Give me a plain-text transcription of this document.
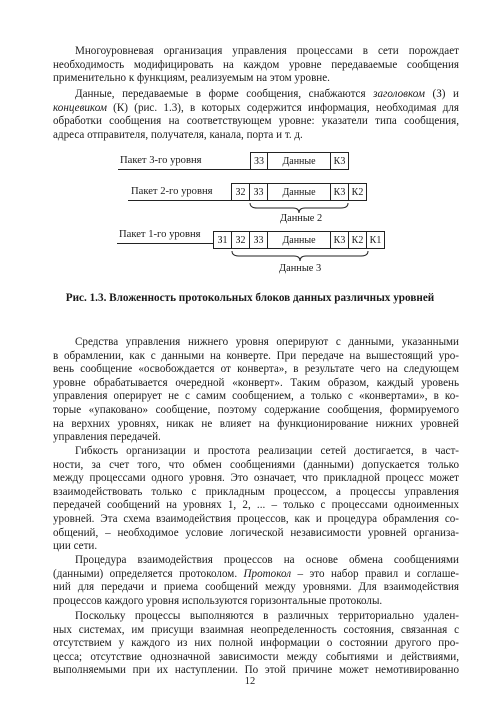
Многоуровневая организация управления процессами в сети порождает
необходимость модифицировать на каждом уровне передаваемые сообщения
применительно к функциям, реализуемым на этом уровне.
Данные, передаваемые в форме сообщения, снабжаются заголовком (З) и
концевиком (К) (рис. 1.3), в которых содержится информация, необходимая для
обработки сообщения на соответствующем уровне: указатели типа сообщения,
адреса отправителя, получателя, канала, порта и т. д.
Пакет 3-го уровня	З3	Данные	К3
Пакет 2-го уровня	З2 З3	Данные	К3 К2
Данные 2
Пакет 1-го уровня	З1 З2 З3	Данные	К3 К2 К1
Данные 3

Рис. 1.3. Вложенность протокольных блоков данных различных уровней

Средства управления нижнего уровня оперируют с данными, указанными
в обрамлении, как с данными на конверте. При передаче на вышестоящий уро-
вень сообщение «освобождается от конверта», в результате чего на следующем
уровне обрабатывается очередной «конверт». Таким образом, каждый уровень
управления оперирует не с самим сообщением, а только с «конвертами», в ко-
торые «упаковано» сообщение, поэтому содержание сообщения, формируемого
на верхних уровнях, никак не влияет на функционирование нижних уровней
управления передачей.
Гибкость организации и простота реализации сетей достигается, в част-
ности, за счет того, что обмен сообщениями (данными) допускается только
между процессами одного уровня. Это означает, что прикладной процесс может
взаимодействовать только с прикладным процессом, а процессы управления
передачей сообщений на уровнях 1, 2, ... – только с процессами одноименных
уровней. Эта схема взаимодействия процессов, как и процедура обрамления со-
общений, – необходимое условие логической независимости уровней организа-
ции сети.
Процедура взаимодействия процессов на основе обмена сообщениями
(данными) определяется протоколом. Протокол – это набор правил и соглаше-
ний для передачи и приема сообщений между уровнями. Для взаимодействия
процессов каждого уровня используются горизонтальные протоколы.
Поскольку процессы выполняются в различных территориально удален-
ных системах, им присущи взаимная неопределенность состояния, связанная с
отсутствием у каждого из них полной информации о состоянии другого про-
цесса; отсутствие однозначной зависимости между событиями и действиями,
выполняемыми при их наступлении. По этой причине может немотивированно

12
